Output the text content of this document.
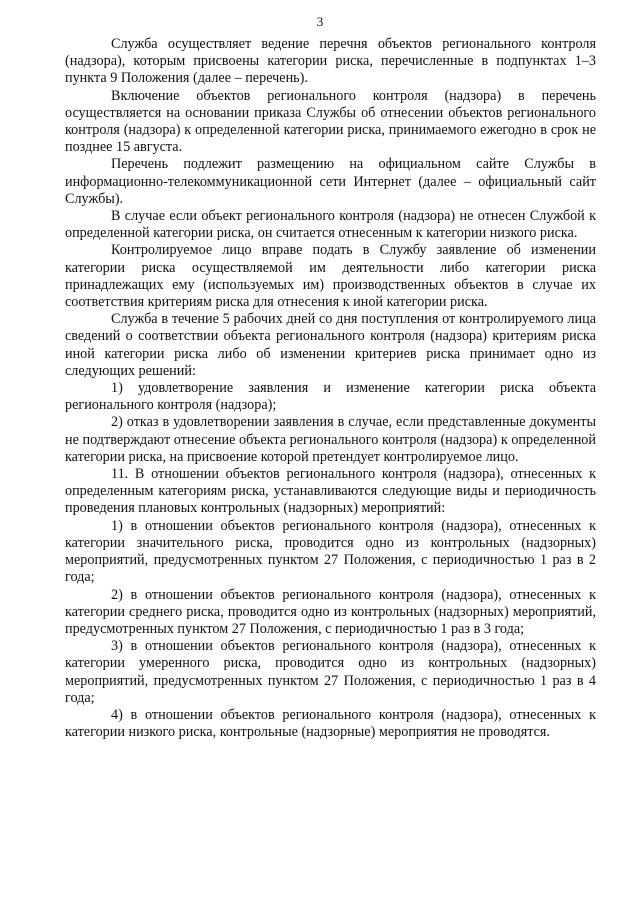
3

Служба осуществляет ведение перечня объектов регионального контроля (надзора), которым присвоены категории риска, перечисленные в подпунктах 1–3 пункта 9 Положения (далее – перечень).

Включение объектов регионального контроля (надзора) в перечень осуществляется на основании приказа Службы об отнесении объектов регионального контроля (надзора) к определенной категории риска, принимаемого ежегодно в срок не позднее 15 августа.

Перечень подлежит размещению на официальном сайте Службы в информационно-телекоммуникационной сети Интернет (далее – официальный сайт Службы).

В случае если объект регионального контроля (надзора) не отнесен Службой к определенной категории риска, он считается отнесенным к категории низкого риска.

Контролируемое лицо вправе подать в Службу заявление об изменении категории риска осуществляемой им деятельности либо категории риска принадлежащих ему (используемых им) производственных объектов в случае их соответствия критериям риска для отнесения к иной категории риска.

Служба в течение 5 рабочих дней со дня поступления от контролируемого лица сведений о соответствии объекта регионального контроля (надзора) критериям риска иной категории риска либо об изменении критериев риска принимает одно из следующих решений:

1) удовлетворение заявления и изменение категории риска объекта регионального контроля (надзора);

2) отказ в удовлетворении заявления в случае, если представленные документы не подтверждают отнесение объекта регионального контроля (надзора) к определенной категории риска, на присвоение которой претендует контролируемое лицо.

11. В отношении объектов регионального контроля (надзора), отнесенных к определенным категориям риска, устанавливаются следующие виды и периодичность проведения плановых контрольных (надзорных) мероприятий:

1) в отношении объектов регионального контроля (надзора), отнесенных к категории значительного риска, проводится одно из контрольных (надзорных) мероприятий, предусмотренных пунктом 27 Положения, с периодичностью 1 раз в 2 года;

2) в отношении объектов регионального контроля (надзора), отнесенных к категории среднего риска, проводится одно из контрольных (надзорных) мероприятий, предусмотренных пунктом 27 Положения, с периодичностью 1 раз в 3 года;

3) в отношении объектов регионального контроля (надзора), отнесенных к категории умеренного риска, проводится одно из контрольных (надзорных) мероприятий, предусмотренных пунктом 27 Положения, с периодичностью 1 раз в 4 года;

4) в отношении объектов регионального контроля (надзора), отнесенных к категории низкого риска, контрольные (надзорные) мероприятия не проводятся.
